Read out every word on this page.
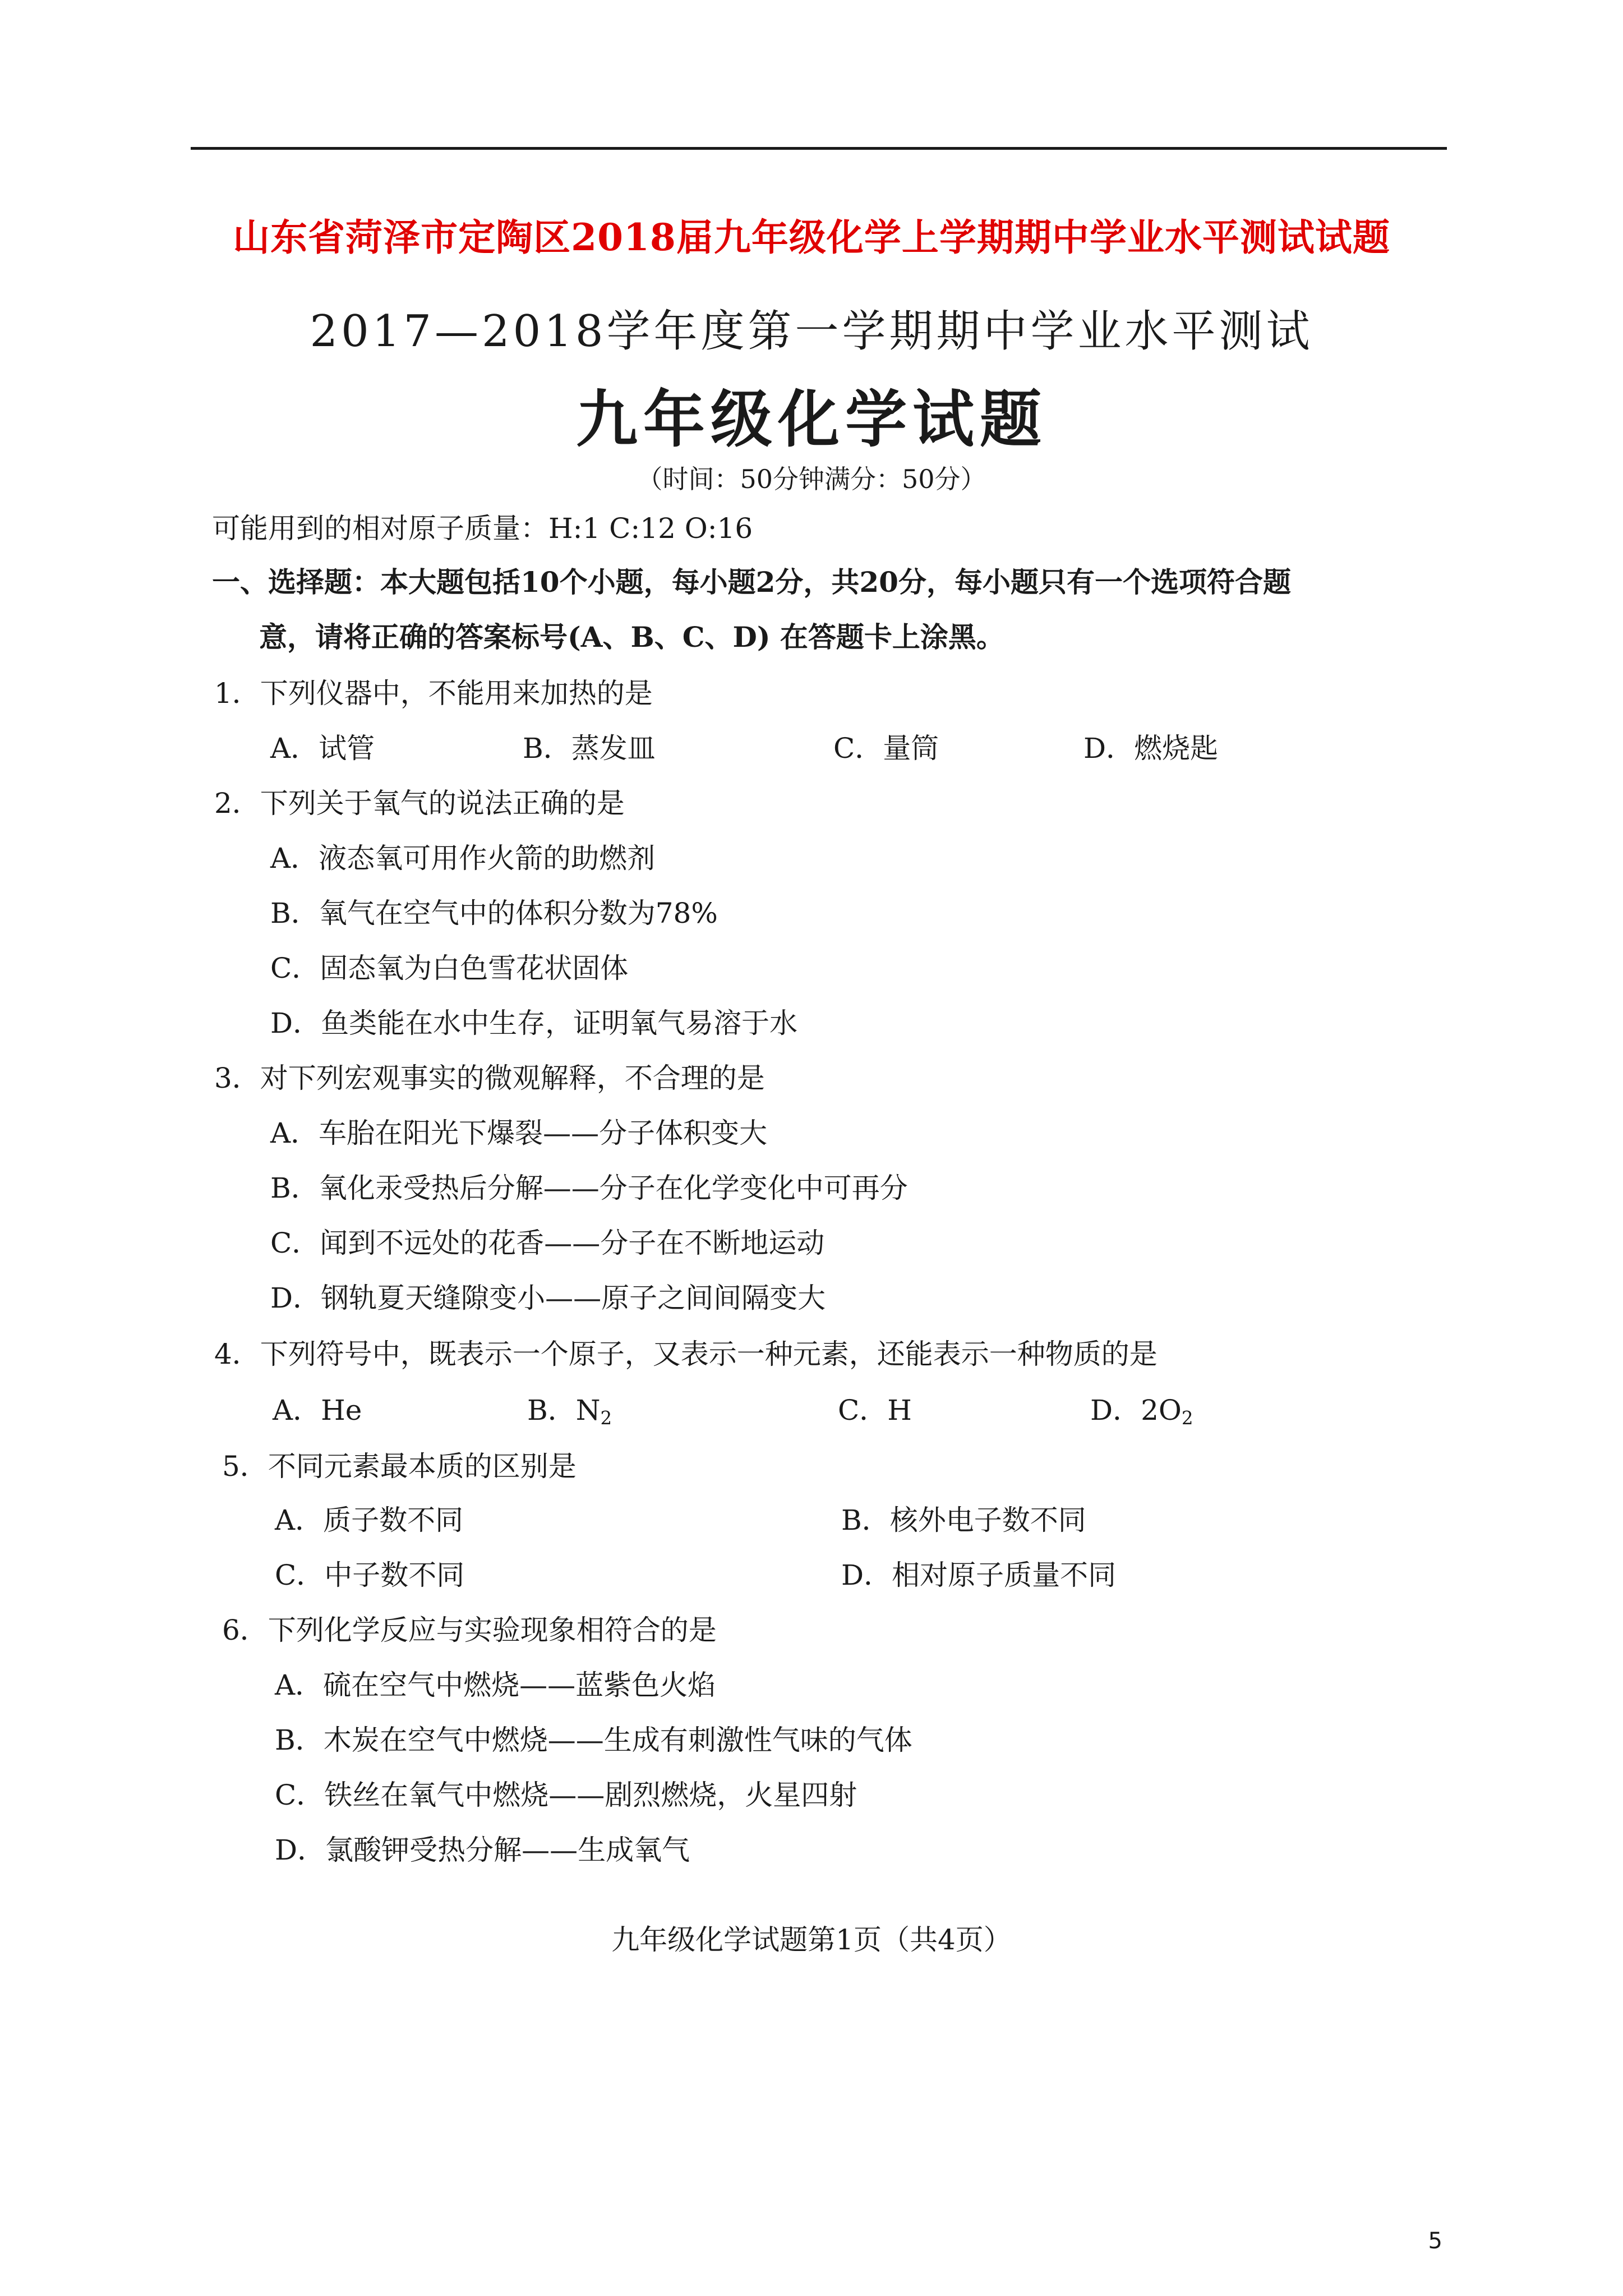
山东省菏泽市定陶区2018届九年级化学上学期期中学业水平测试试题
2017—2018学年度第一学期期中学业水平测试
九年级化学试题
（时间：50分钟满分：50分）
可能用到的相对原子质量：H:1 C:12 O:16
一、选择题：本大题包括10个小题，每小题2分，共20分，每小题只有一个选项符合题
意，请将正确的答案标号(A、B、C、D) 在答题卡上涂黑。
1．下列仪器中，不能用来加热的是
A．试管	B．蒸发皿	C．量筒	D．燃烧匙
2．下列关于氧气的说法正确的是
A．液态氧可用作火箭的助燃剂
B．氧气在空气中的体积分数为78%
C．固态氧为白色雪花状固体
D．鱼类能在水中生存，证明氧气易溶于水
3．对下列宏观事实的微观解释，不合理的是
A．车胎在阳光下爆裂——分子体积变大
B．氧化汞受热后分解——分子在化学变化中可再分
C．闻到不远处的花香——分子在不断地运动
D．钢轨夏天缝隙变小——原子之间间隔变大
4．下列符号中，既表示一个原子，又表示一种元素，还能表示一种物质的是
A．He	B．$N_2$	C．H	D．$2O_2$
5．不同元素最本质的区别是
A．质子数不同	B．核外电子数不同
C．中子数不同	D．相对原子质量不同
6．下列化学反应与实验现象相符合的是
A．硫在空气中燃烧——蓝紫色火焰
B．木炭在空气中燃烧——生成有刺激性气味的气体
C．铁丝在氧气中燃烧——剧烈燃烧，火星四射
D．氯酸钾受热分解——生成氧气
九年级化学试题第1页（共4页）
5
